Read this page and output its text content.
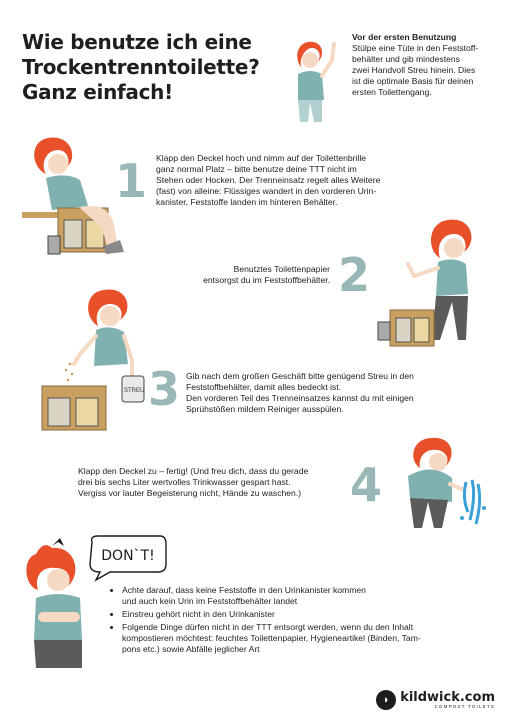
Wie benutze ich eine
Trockentrenntoilette?
Ganz einfach!
Vor der ersten Benutzung
Stülpe eine Tüte in den Feststoff-
behälter und gib mindestens
zwei Handvoll Streu hinein. Dies
ist die optimale Basis für deinen
ersten Toilettengang.
1 Klapp den Deckel hoch und nimm auf der Toilettenbrille
ganz normal Platz – bitte benutze deine TTT nicht im
Stehen oder Hocken. Der Trenneinsatz regelt alles Weitere
(fast) von alleine: Flüssiges wandert in den vorderen Urin-
kanister, Feststoffe landen im hinteren Behälter.
Benutztes Toilettenpapier
entsorgst du im Feststoffbehälter. 2
STREU 3 Gib nach dem großen Geschäft bitte genügend Streu in den
Feststoffbehälter, damit alles bedeckt ist.
Den vorderen Teil des Trenneinsatzes kannst du mit einigen
Sprühstößen mildem Reiniger ausspülen.
Klapp den Deckel zu – fertig! (Und freu dich, dass du gerade
drei bis sechs Liter wertvolles Trinkwasser gespart hast.
Vergiss vor lauter Begeisterung nicht, Hände zu waschen.)	4
DON`T!
• Achte darauf, dass keine Feststoffe in den Urinkanister kommen
und auch kein Urin im Feststoffbehälter landet
• Einstreu gehört nicht in den Urinkanister
• Folgende Dinge dürfen nicht in der TTT entsorgt werden, wenn du den Inhalt
kompostieren möchtest: feuchtes Toilettenpapier, Hygieneartikel (Binden, Tam-
pons etc.) sowie Abfälle jeglicher Art
◗ kildwick.com
COMPOST TOILETS
